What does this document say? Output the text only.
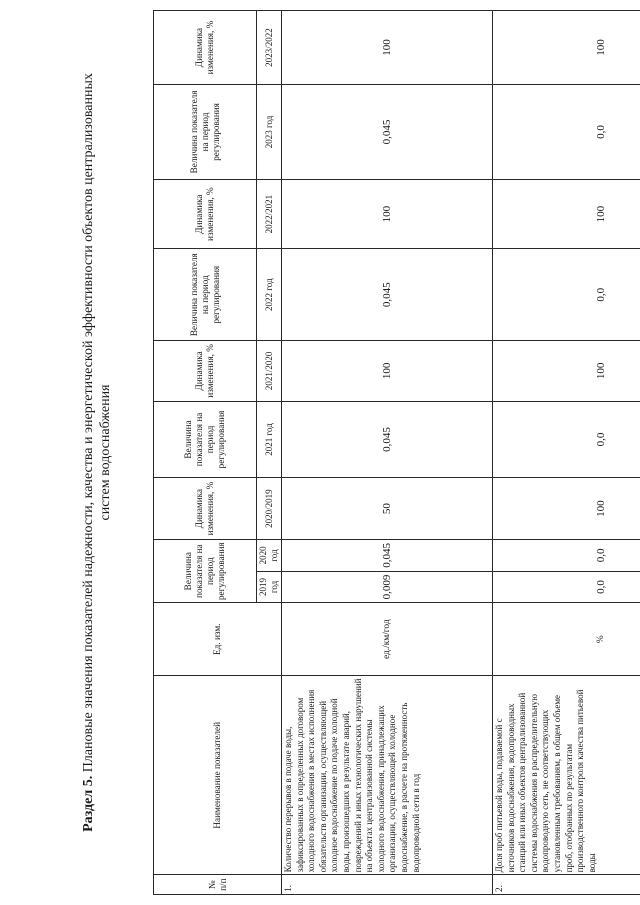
Раздел 5. Плановые значения показателей надежности, качества и энергетической эффективности объектов централизованных систем водоснабжения
№ п/п	Наименование показателей	Ед. изм.	Величина показателя на период регулирования		Динамика изменения, %	Величина показателя на период регулирования	Динамика изменения, %	Величина показателя на период регулирования	Динамика изменения, %	Величина показателя на период регулирования	Динамика изменения, %
			2019 год	2020 год	2020/2019	2021 год	2021/2020	2022 год	2022/2021	2023 год	2023/2022
1.	Количество перерывов в подаче воды, зафиксированных в определенных договором холодного водоснабжения в местах исполнения обязательств организации, осуществляющей холодное водоснабжение по подаче холодной воды, произошедших в результате аварий, повреждений и иных технологических нарушений на объектах централизованной системы холодного водоснабжения, принадлежащих организации, осуществляющей холодное водоснабжение, в расчете на протяженность водопроводной сети в год	ед./км/год	0,009	0,045	50	0,045	100	0,045	100	0,045	100
2.	Доля проб питьевой воды, подаваемой с источников водоснабжения, водопроводных станций или иных объектов централизованной системы водоснабжения в распределительную водопроводную сеть, не соответствующих установленным требованиям, в общем объеме проб, отобранных по результатам производственного контроля качества питьевой воды	%	0,0	0,0	100	0,0	100	0,0	100	0,0	100
